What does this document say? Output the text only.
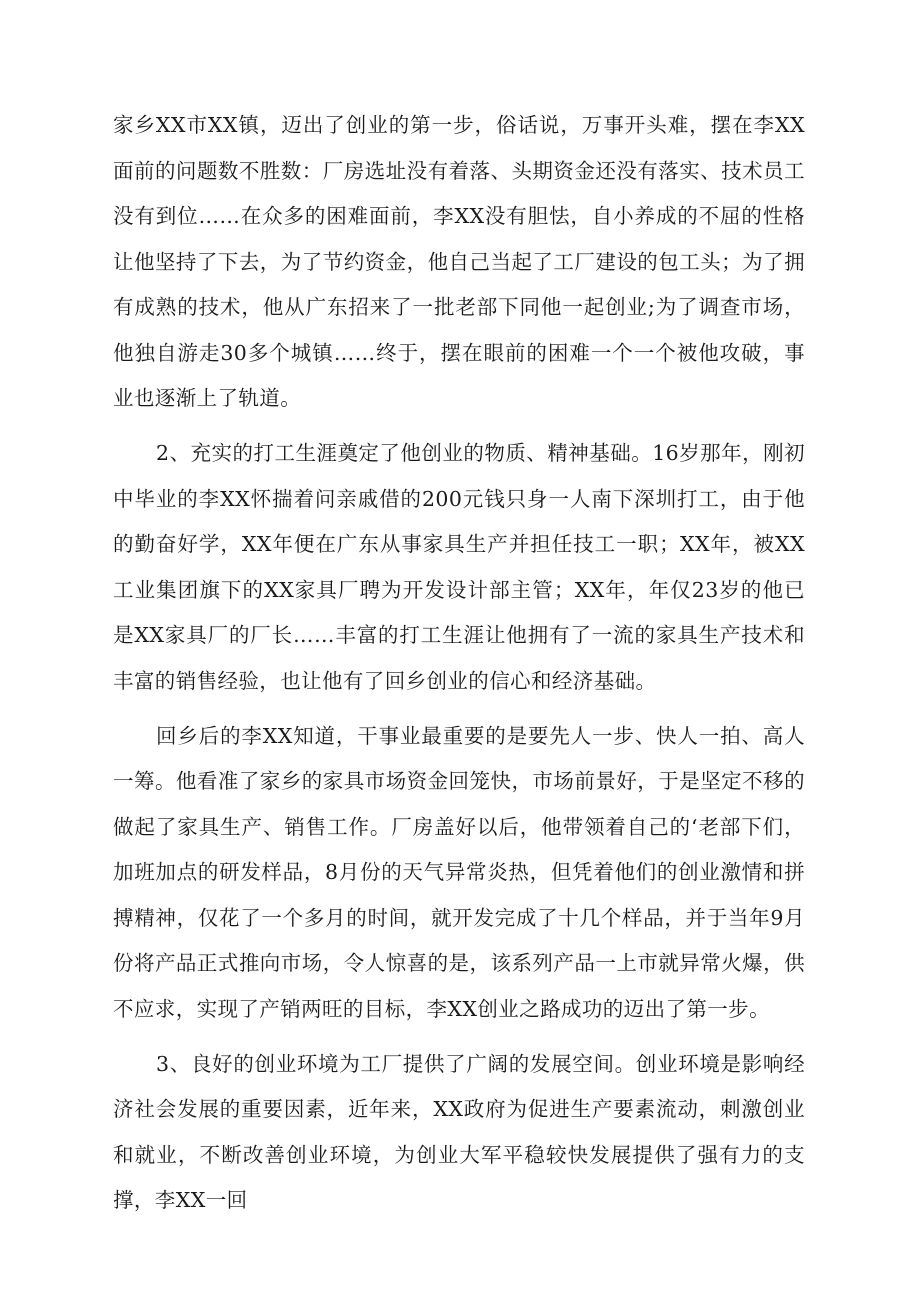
家乡XX市XX镇，迈出了创业的第一步，俗话说，万事开头难，摆在李XX面前的问题数不胜数：厂房选址没有着落、头期资金还没有落实、技术员工没有到位……在众多的困难面前，李XX没有胆怯，自小养成的不屈的性格让他坚持了下去，为了节约资金，他自己当起了工厂建设的包工头；为了拥有成熟的技术，他从广东招来了一批老部下同他一起创业;为了调查市场，他独自游走30多个城镇……终于，摆在眼前的困难一个一个被他攻破，事业也逐渐上了轨道。

2、充实的打工生涯奠定了他创业的物质、精神基础。16岁那年，刚初中毕业的李XX怀揣着问亲戚借的200元钱只身一人南下深圳打工，由于他的勤奋好学，XX年便在广东从事家具生产并担任技工一职；XX年，被XX工业集团旗下的XX家具厂聘为开发设计部主管；XX年，年仅23岁的他已是XX家具厂的厂长……丰富的打工生涯让他拥有了一流的家具生产技术和丰富的销售经验，也让他有了回乡创业的信心和经济基础。

回乡后的李XX知道，干事业最重要的是要先人一步、快人一拍、高人一筹。他看准了家乡的家具市场资金回笼快，市场前景好，于是坚定不移的做起了家具生产、销售工作。厂房盖好以后，他带领着自己的‘老部下们，加班加点的研发样品，8月份的天气异常炎热，但凭着他们的创业激情和拼搏精神，仅花了一个多月的时间，就开发完成了十几个样品，并于当年9月份将产品正式推向市场，令人惊喜的是，该系列产品一上市就异常火爆，供不应求，实现了产销两旺的目标，李XX创业之路成功的迈出了第一步。

3、良好的创业环境为工厂提供了广阔的发展空间。创业环境是影响经济社会发展的重要因素，近年来，XX政府为促进生产要素流动，刺激创业和就业，不断改善创业环境，为创业大军平稳较快发展提供了强有力的支撑，李XX一回
